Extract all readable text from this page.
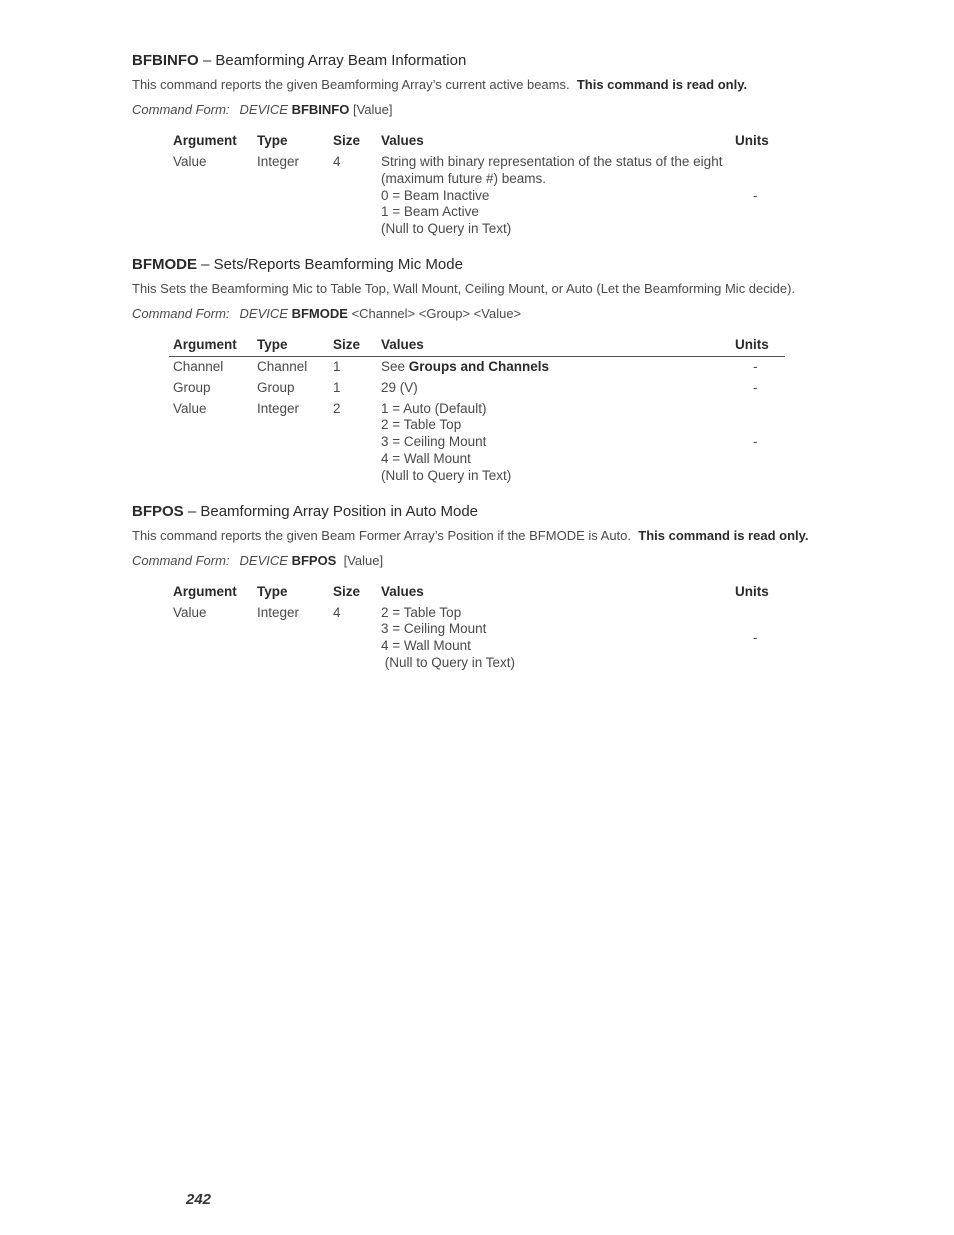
BFBINFO – Beamforming Array Beam Information
This command reports the given Beamforming Array’s current active beams. This command is read only.
Command Form: DEVICE BFBINFO [Value]
Argument	Type	Size	Values	Units
Value	Integer	4	String with binary representation of the status of the eight (maximum future #) beams.
0 = Beam Inactive
1 = Beam Active
(Null to Query in Text)	-
BFMODE – Sets/Reports Beamforming Mic Mode
This Sets the Beamforming Mic to Table Top, Wall Mount, Ceiling Mount, or Auto (Let the Beamforming Mic decide).
Command Form: DEVICE BFMODE <Channel> <Group> <Value>
Argument	Type	Size	Values	Units
Channel	Channel	1	See Groups and Channels	-
Group	Group	1	29 (V)	-
Value	Integer	2	1 = Auto (Default)
2 = Table Top
3 = Ceiling Mount
4 = Wall Mount
(Null to Query in Text)	-
BFPOS – Beamforming Array Position in Auto Mode
This command reports the given Beam Former Array’s Position if the BFMODE is Auto. This command is read only.
Command Form: DEVICE BFPOS [Value]
Argument	Type	Size	Values	Units
Value	Integer	4	2 = Table Top
3 = Ceiling Mount
4 = Wall Mount
(Null to Query in Text)	-
242
